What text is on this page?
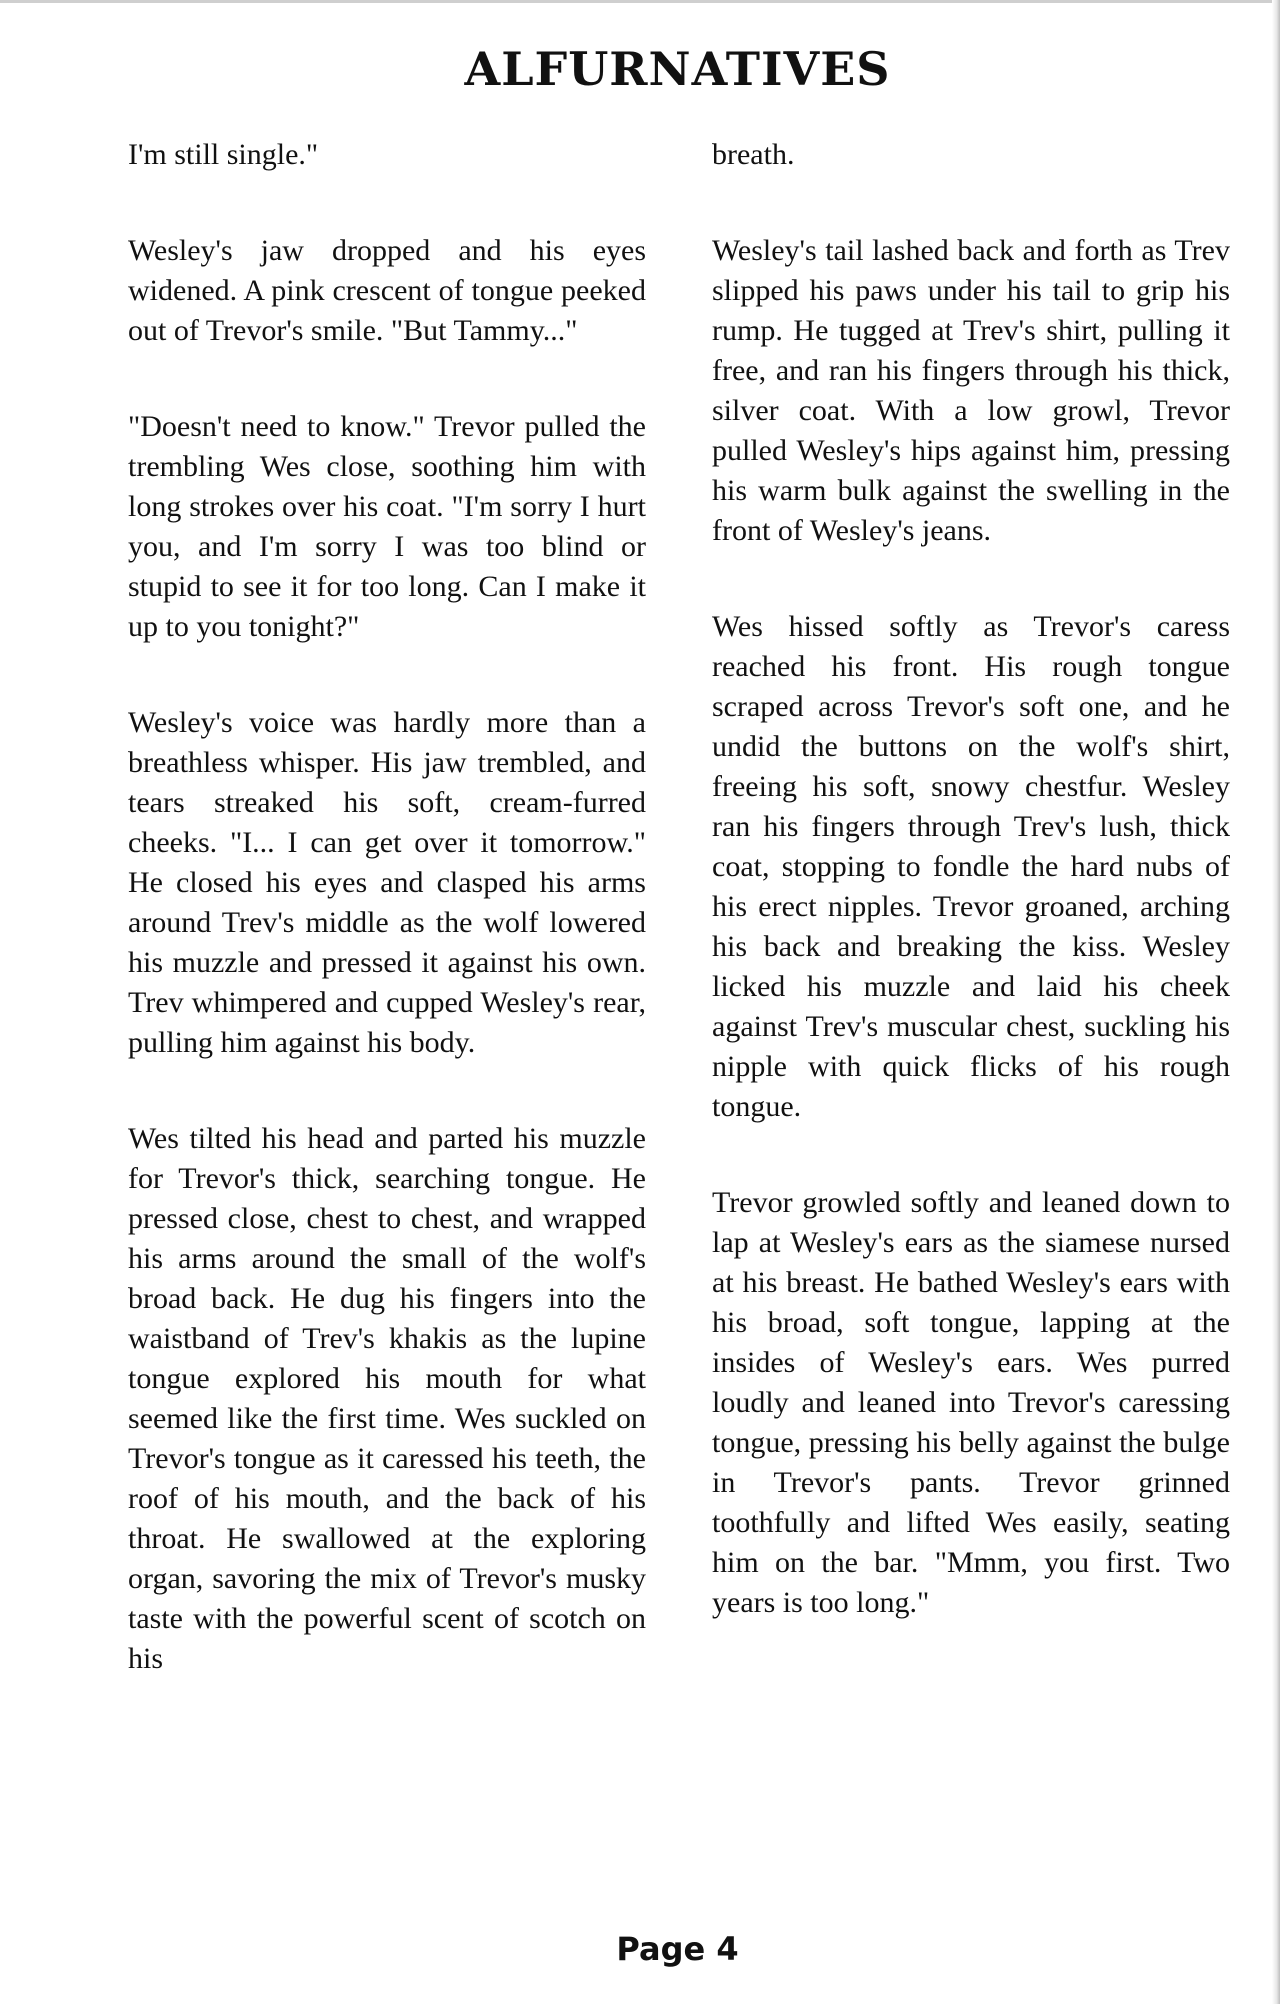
ALFURNATIVES

I'm still single."

Wesley's jaw dropped and his eyes widened. A pink crescent of tongue peeked out of Trevor's smile. "But Tammy..."

"Doesn't need to know." Trevor pulled the trembling Wes close, soothing him with long strokes over his coat. "I'm sorry I hurt you, and I'm sorry I was too blind or stupid to see it for too long. Can I make it up to you tonight?"

Wesley's voice was hardly more than a breathless whisper. His jaw trembled, and tears streaked his soft, cream-furred cheeks. "I... I can get over it tomorrow." He closed his eyes and clasped his arms around Trev's middle as the wolf lowered his muzzle and pressed it against his own. Trev whimpered and cupped Wesley's rear, pulling him against his body.

Wes tilted his head and parted his muzzle for Trevor's thick, searching tongue. He pressed close, chest to chest, and wrapped his arms around the small of the wolf's broad back. He dug his fingers into the waistband of Trev's khakis as the lupine tongue explored his mouth for what seemed like the first time. Wes suckled on Trevor's tongue as it caressed his teeth, the roof of his mouth, and the back of his throat. He swallowed at the exploring organ, savoring the mix of Trevor's musky taste with the powerful scent of scotch on his

breath.

Wesley's tail lashed back and forth as Trev slipped his paws under his tail to grip his rump. He tugged at Trev's shirt, pulling it free, and ran his fingers through his thick, silver coat. With a low growl, Trevor pulled Wesley's hips against him, pressing his warm bulk against the swelling in the front of Wesley's jeans.

Wes hissed softly as Trevor's caress reached his front. His rough tongue scraped across Trevor's soft one, and he undid the buttons on the wolf's shirt, freeing his soft, snowy chestfur. Wesley ran his fingers through Trev's lush, thick coat, stopping to fondle the hard nubs of his erect nipples. Trevor groaned, arching his back and breaking the kiss. Wesley licked his muzzle and laid his cheek against Trev's muscular chest, suckling his nipple with quick flicks of his rough tongue.

Trevor growled softly and leaned down to lap at Wesley's ears as the siamese nursed at his breast. He bathed Wesley's ears with his broad, soft tongue, lapping at the insides of Wesley's ears. Wes purred loudly and leaned into Trevor's caressing tongue, pressing his belly against the bulge in Trevor's pants. Trevor grinned toothfully and lifted Wes easily, seating him on the bar. "Mmm, you first. Two years is too long."

Page 4
